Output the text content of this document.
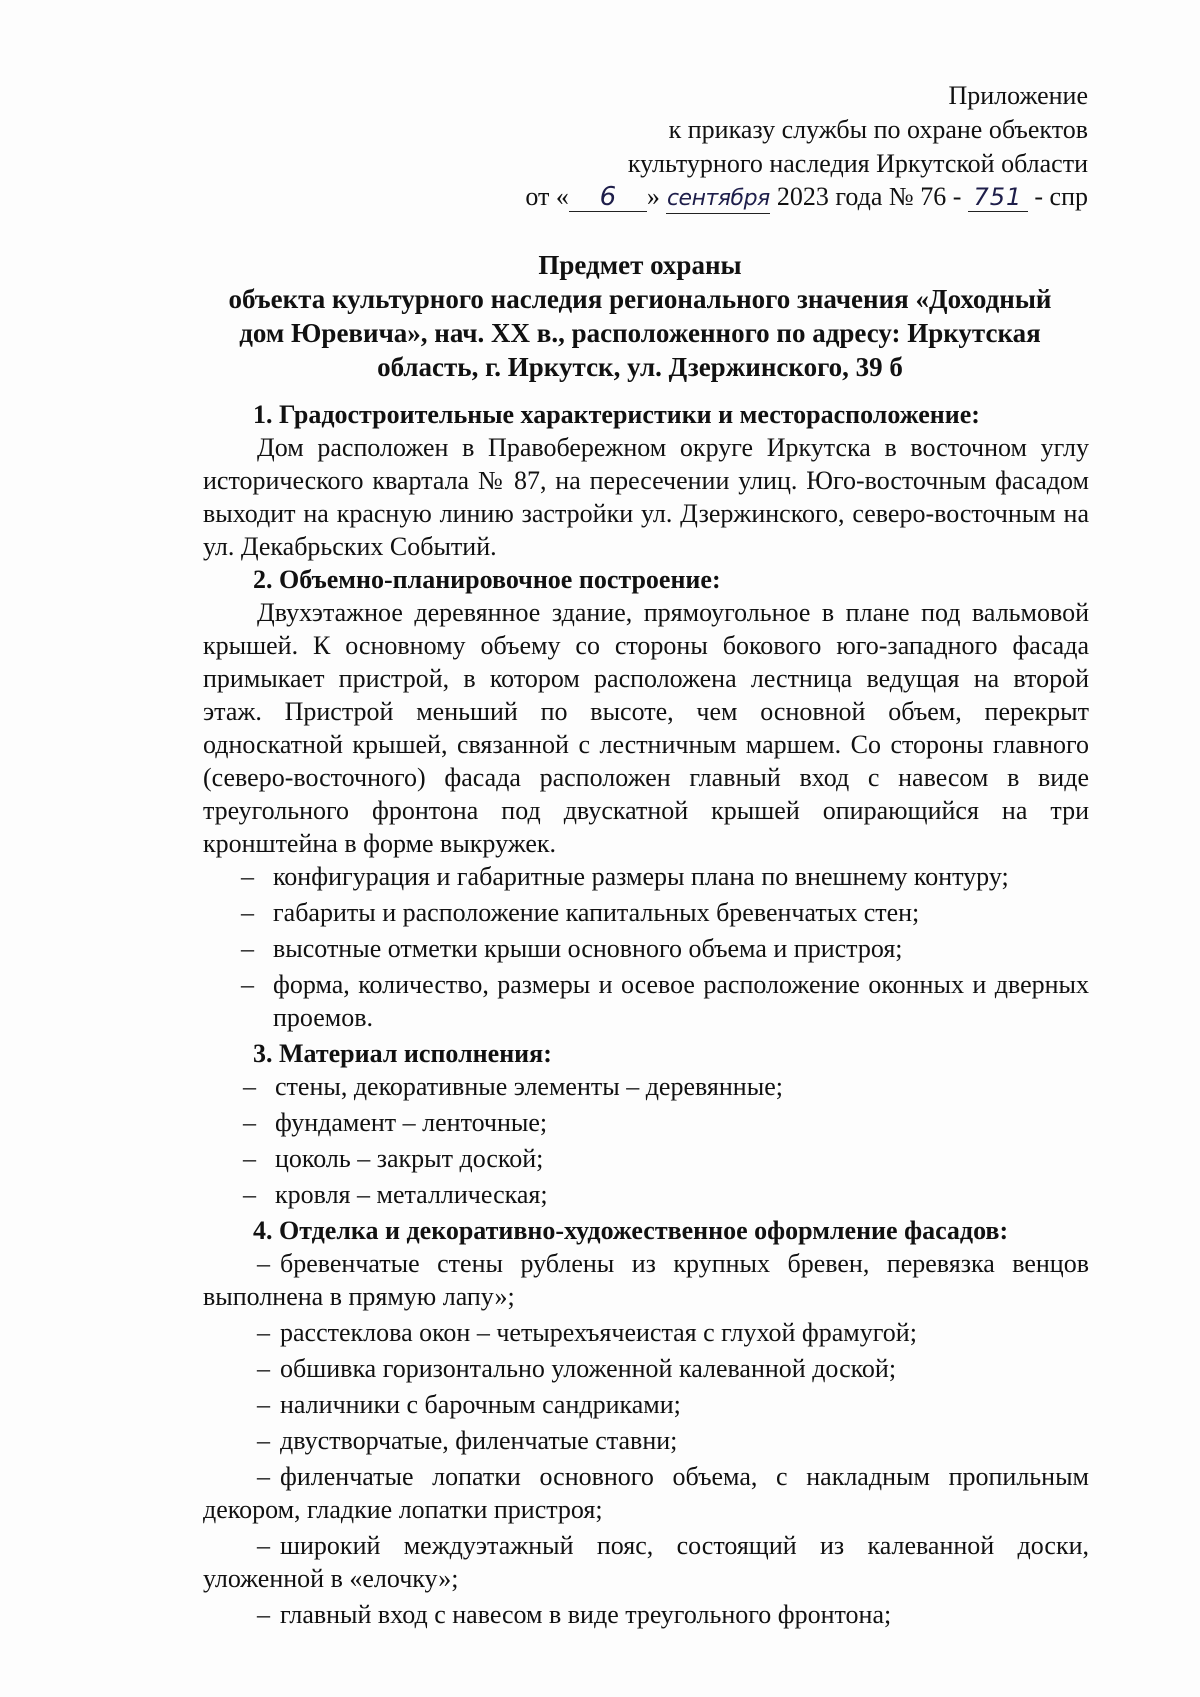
Приложение
к приказу службы по охране объектов
культурного наследия Иркутской области
от « 6 » сентября 2023 года № 76 - 751 - спр
Предмет охраны
объекта культурного наследия регионального значения «Доходный
дом Юревича», нач. XX в., расположенного по адресу: Иркутская
область, г. Иркутск, ул. Дзержинского, 39 б

1. Градостроительные характеристики и месторасположение:

Дом расположен в Правобережном округе Иркутска в восточном углу исторического квартала № 87, на пересечении улиц. Юго-восточным фасадом выходит на красную линию застройки ул. Дзержинского, северо-восточным на ул. Декабрьских Событий.

2. Объемно-планировочное построение:

Двухэтажное деревянное здание, прямоугольное в плане под вальмовой крышей. К основному объему со стороны бокового юго-западного фасада примыкает пристрой, в котором расположена лестница ведущая на второй этаж. Пристрой меньший по высоте, чем основной объем, перекрыт односкатной крышей, связанной с лестничным маршем. Со стороны главного (северо-восточного) фасада расположен главный вход с навесом в виде треугольного фронтона под двускатной крышей опирающийся на три кронштейна в форме выкружек.

– конфигурация и габаритные размеры плана по внешнему контуру;
– габариты и расположение капитальных бревенчатых стен;
– высотные отметки крыши основного объема и пристроя;
– форма, количество, размеры и осевое расположение оконных и дверных проемов.

3. Материал исполнения:

– стены, декоративные элементы – деревянные;
– фундамент – ленточные;
– цоколь – закрыт доской;
– кровля – металлическая;

4. Отделка и декоративно-художественное оформление фасадов:

– бревенчатые стены рублены из крупных бревен, перевязка венцов выполнена в прямую лапу»;
– расстеклова окон – четырехъячеистая с глухой фрамугой;
– обшивка горизонтально уложенной калеванной доской;
– наличники с барочным сандриками;
– двустворчатые, филенчатые ставни;
– филенчатые лопатки основного объема, с накладным пропильным декором, гладкие лопатки пристроя;
– широкий междуэтажный пояс, состоящий из калеванной доски, уложенной в «елочку»;
– главный вход с навесом в виде треугольного фронтона;
